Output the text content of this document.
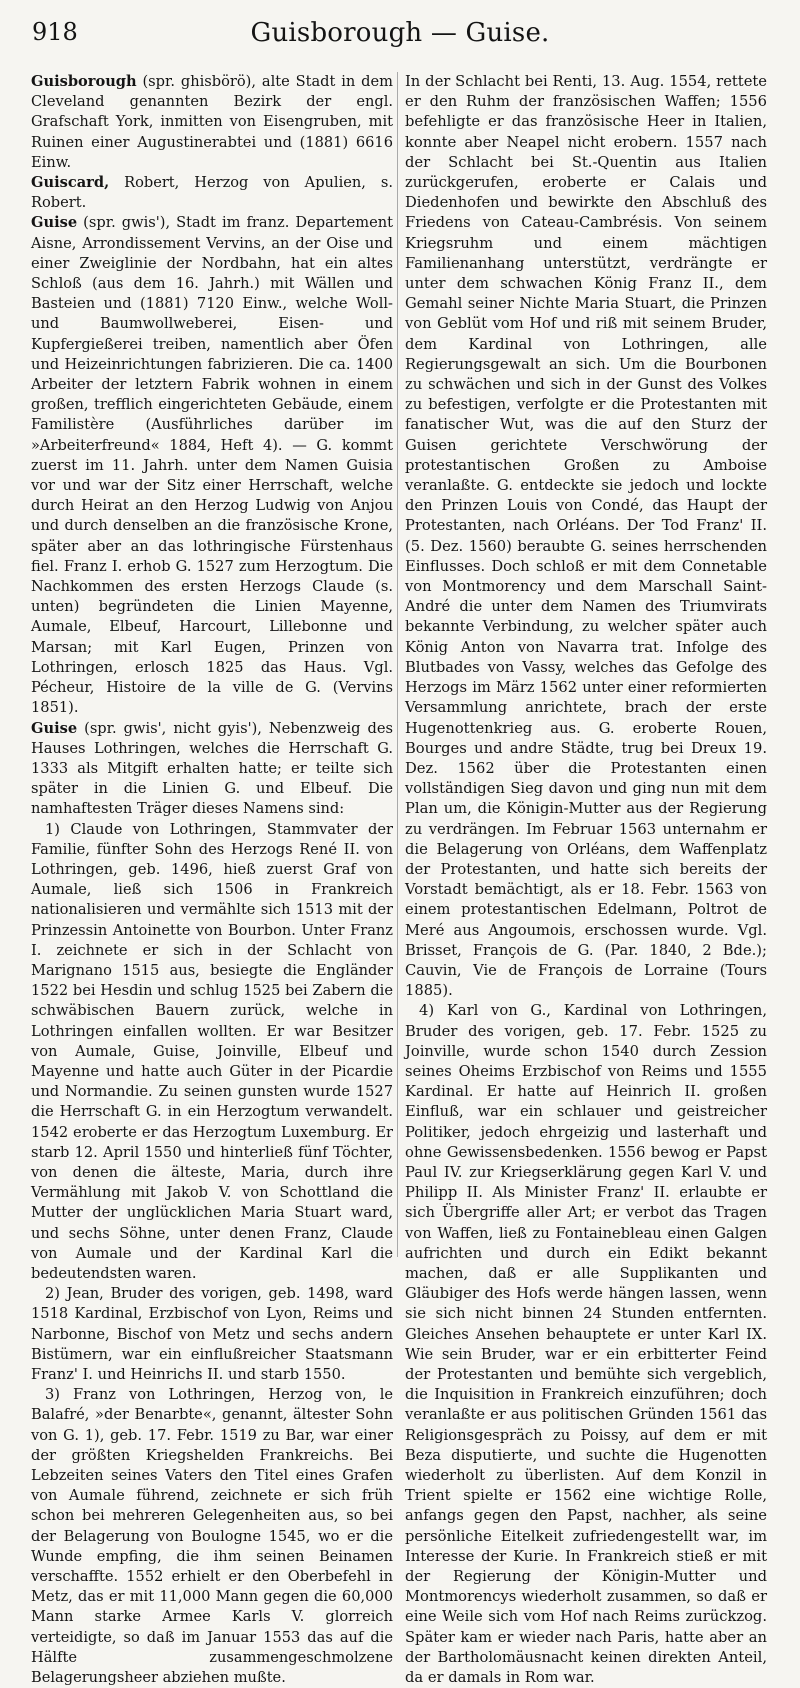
918	Guisborough — Guise.

Guisborough (spr. ghisbörö), alte Stadt in dem Cleveland genannten Bezirk der engl. Grafschaft York, inmitten von Eisengruben, mit Ruinen einer Augustinerabtei und (1881) 6616 Einw.

Guiscard, Robert, Herzog von Apulien, s. Robert.

Guise (spr. gwis'), Stadt im franz. Departement Aisne, Arrondissement Vervins, an der Oise und einer Zweiglinie der Nordbahn, hat ein altes Schloß (aus dem 16. Jahrh.) mit Wällen und Basteien und (1881) 7120 Einw., welche Woll- und Baumwollweberei, Eisen- und Kupfergießerei treiben, namentlich aber Öfen und Heizeinrichtungen fabrizieren. Die ca. 1400 Arbeiter der letztern Fabrik wohnen in einem großen, trefflich eingerichteten Gebäude, einem Familistère (Ausführliches darüber im »Arbeiterfreund« 1884, Heft 4). — G. kommt zuerst im 11. Jahrh. unter dem Namen Guisia vor und war der Sitz einer Herrschaft, welche durch Heirat an den Herzog Ludwig von Anjou und durch denselben an die französische Krone, später aber an das lothringische Fürstenhaus fiel. Franz I. erhob G. 1527 zum Herzogtum. Die Nachkommen des ersten Herzogs Claude (s. unten) begründeten die Linien Mayenne, Aumale, Elbeuf, Harcourt, Lillebonne und Marsan; mit Karl Eugen, Prinzen von Lothringen, erlosch 1825 das Haus. Vgl. Pécheur, Histoire de la ville de G. (Vervins 1851).

Guise (spr. gwis', nicht gyis'), Nebenzweig des Hauses Lothringen, welches die Herrschaft G. 1333 als Mitgift erhalten hatte; er teilte sich später in die Linien G. und Elbeuf. Die namhaftesten Träger dieses Namens sind:

1) Claude von Lothringen, Stammvater der Familie, fünfter Sohn des Herzogs René II. von Lothringen, geb. 1496, hieß zuerst Graf von Aumale, ließ sich 1506 in Frankreich nationalisieren und vermählte sich 1513 mit der Prinzessin Antoinette von Bourbon. Unter Franz I. zeichnete er sich in der Schlacht von Marignano 1515 aus, besiegte die Engländer 1522 bei Hesdin und schlug 1525 bei Zabern die schwäbischen Bauern zurück, welche in Lothringen einfallen wollten. Er war Besitzer von Aumale, Guise, Joinville, Elbeuf und Mayenne und hatte auch Güter in der Picardie und Normandie. Zu seinen gunsten wurde 1527 die Herrschaft G. in ein Herzogtum verwandelt. 1542 eroberte er das Herzogtum Luxemburg. Er starb 12. April 1550 und hinterließ fünf Töchter, von denen die älteste, Maria, durch ihre Vermählung mit Jakob V. von Schottland die Mutter der unglücklichen Maria Stuart ward, und sechs Söhne, unter denen Franz, Claude von Aumale und der Kardinal Karl die bedeutendsten waren.

2) Jean, Bruder des vorigen, geb. 1498, ward 1518 Kardinal, Erzbischof von Lyon, Reims und Narbonne, Bischof von Metz und sechs andern Bistümern, war ein einflußreicher Staatsmann Franz' I. und Heinrichs II. und starb 1550.

3) Franz von Lothringen, Herzog von, le Balafré, »der Benarbte«, genannt, ältester Sohn von G. 1), geb. 17. Febr. 1519 zu Bar, war einer der größten Kriegshelden Frankreichs. Bei Lebzeiten seines Vaters den Titel eines Grafen von Aumale führend, zeichnete er sich früh schon bei mehreren Gelegenheiten aus, so bei der Belagerung von Boulogne 1545, wo er die Wunde empfing, die ihm seinen Beinamen verschaffte. 1552 erhielt er den Oberbefehl in Metz, das er mit 11,000 Mann gegen die 60,000 Mann starke Armee Karls V. glorreich verteidigte, so daß im Januar 1553 das auf die Hälfte zusammengeschmolzene Belagerungsheer abziehen mußte.

In der Schlacht bei Renti, 13. Aug. 1554, rettete er den Ruhm der französischen Waffen; 1556 befehligte er das französische Heer in Italien, konnte aber Neapel nicht erobern. 1557 nach der Schlacht bei St.-Quentin aus Italien zurückgerufen, eroberte er Calais und Diedenhofen und bewirkte den Abschluß des Friedens von Cateau-Cambrésis. Von seinem Kriegsruhm und einem mächtigen Familienanhang unterstützt, verdrängte er unter dem schwachen König Franz II., dem Gemahl seiner Nichte Maria Stuart, die Prinzen von Geblüt vom Hof und riß mit seinem Bruder, dem Kardinal von Lothringen, alle Regierungsgewalt an sich. Um die Bourbonen zu schwächen und sich in der Gunst des Volkes zu befestigen, verfolgte er die Protestanten mit fanatischer Wut, was die auf den Sturz der Guisen gerichtete Verschwörung der protestantischen Großen zu Amboise veranlaßte. G. entdeckte sie jedoch und lockte den Prinzen Louis von Condé, das Haupt der Protestanten, nach Orléans. Der Tod Franz' II. (5. Dez. 1560) beraubte G. seines herrschenden Einflusses. Doch schloß er mit dem Connetable von Montmorency und dem Marschall Saint-André die unter dem Namen des Triumvirats bekannte Verbindung, zu welcher später auch König Anton von Navarra trat. Infolge des Blutbades von Vassy, welches das Gefolge des Herzogs im März 1562 unter einer reformierten Versammlung anrichtete, brach der erste Hugenottenkrieg aus. G. eroberte Rouen, Bourges und andre Städte, trug bei Dreux 19. Dez. 1562 über die Protestanten einen vollständigen Sieg davon und ging nun mit dem Plan um, die Königin-Mutter aus der Regierung zu verdrängen. Im Februar 1563 unternahm er die Belagerung von Orléans, dem Waffenplatz der Protestanten, und hatte sich bereits der Vorstadt bemächtigt, als er 18. Febr. 1563 von einem protestantischen Edelmann, Poltrot de Meré aus Angoumois, erschossen wurde. Vgl. Brisset, François de G. (Par. 1840, 2 Bde.); Cauvin, Vie de François de Lorraine (Tours 1885).

4) Karl von G., Kardinal von Lothringen, Bruder des vorigen, geb. 17. Febr. 1525 zu Joinville, wurde schon 1540 durch Zession seines Oheims Erzbischof von Reims und 1555 Kardinal. Er hatte auf Heinrich II. großen Einfluß, war ein schlauer und geistreicher Politiker, jedoch ehrgeizig und lasterhaft und ohne Gewissensbedenken. 1556 bewog er Papst Paul IV. zur Kriegserklärung gegen Karl V. und Philipp II. Als Minister Franz' II. erlaubte er sich Übergriffe aller Art; er verbot das Tragen von Waffen, ließ zu Fontainebleau einen Galgen aufrichten und durch ein Edikt bekannt machen, daß er alle Supplikanten und Gläubiger des Hofs werde hängen lassen, wenn sie sich nicht binnen 24 Stunden entfernten. Gleiches Ansehen behauptete er unter Karl IX. Wie sein Bruder, war er ein erbitterter Feind der Protestanten und bemühte sich vergeblich, die Inquisition in Frankreich einzuführen; doch veranlaßte er aus politischen Gründen 1561 das Religionsgespräch zu Poissy, auf dem er mit Beza disputierte, und suchte die Hugenotten wiederholt zu überlisten. Auf dem Konzil in Trient spielte er 1562 eine wichtige Rolle, anfangs gegen den Papst, nachher, als seine persönliche Eitelkeit zufriedengestellt war, im Interesse der Kurie. In Frankreich stieß er mit der Regierung der Königin-Mutter und Montmorencys wiederholt zusammen, so daß er eine Weile sich vom Hof nach Reims zurückzog. Später kam er wieder nach Paris, hatte aber an der Bartholomäusnacht keinen direkten Anteil, da er damals in Rom war.
